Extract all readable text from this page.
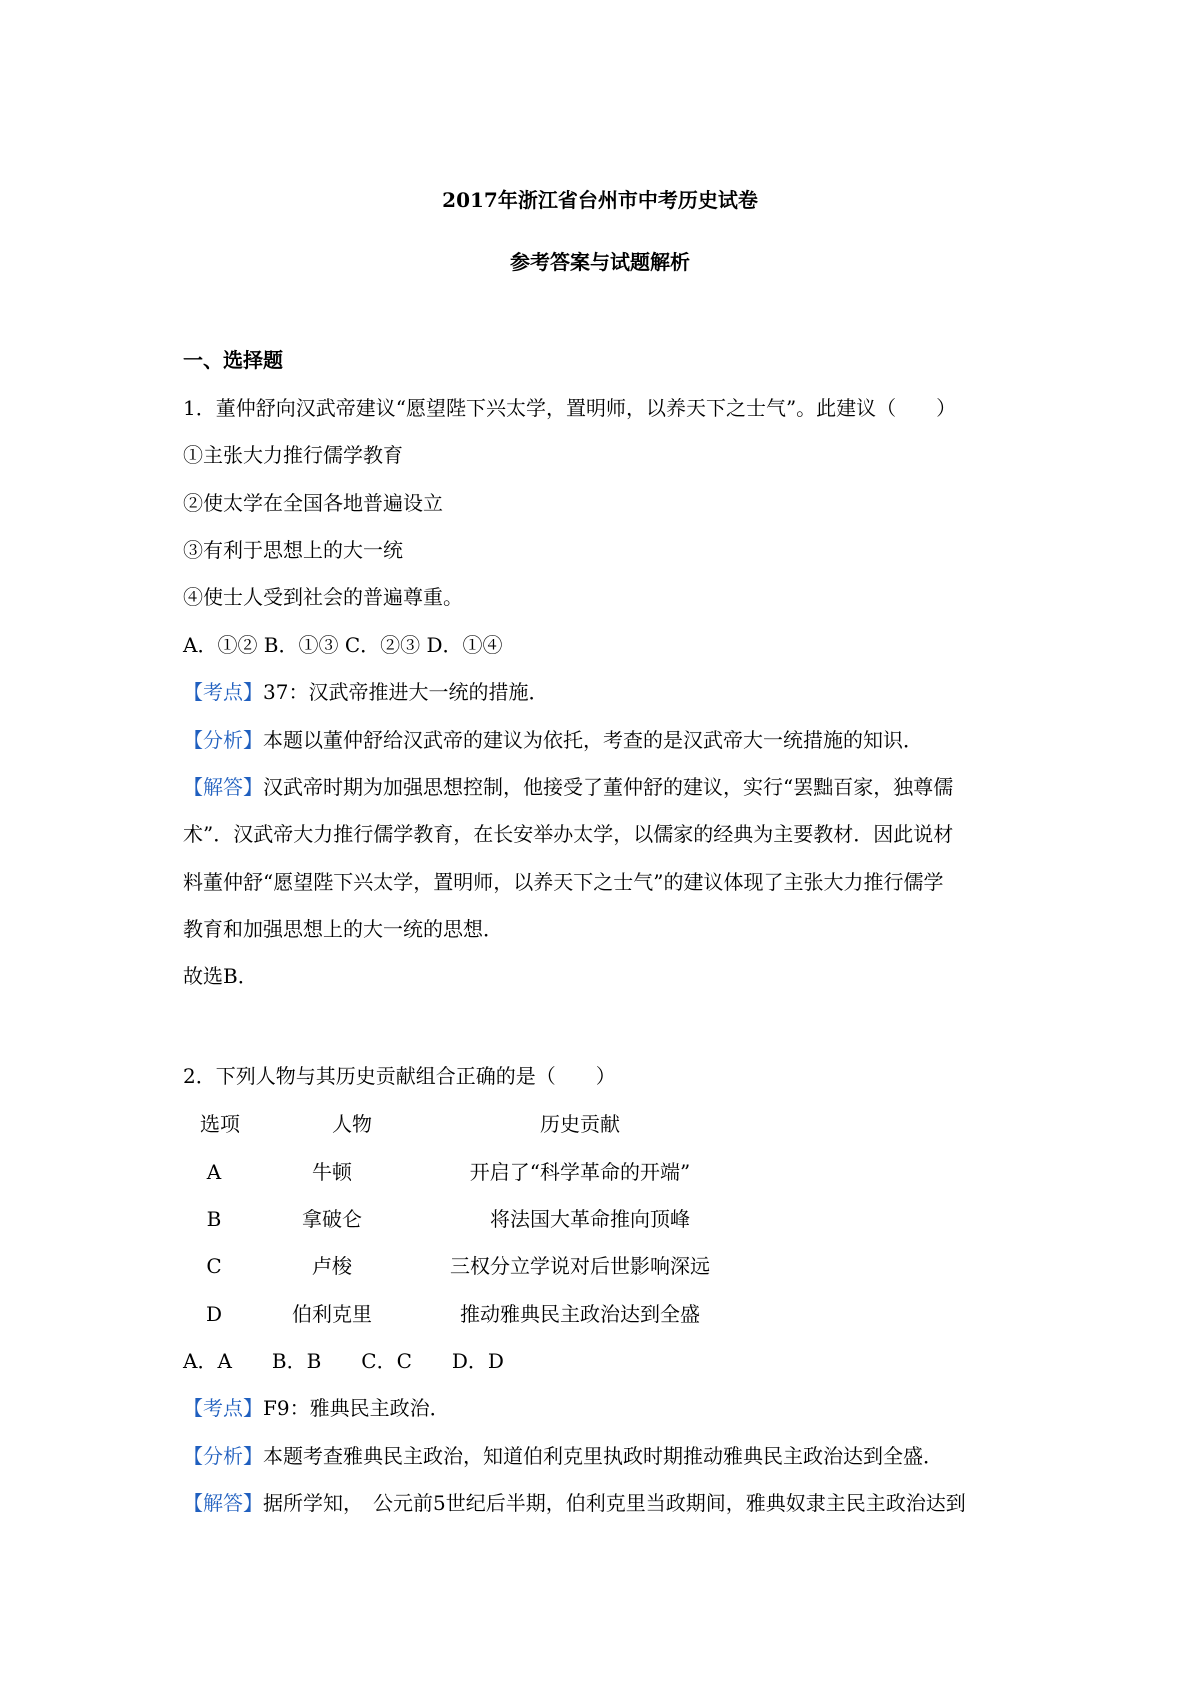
2017年浙江省台州市中考历史试卷
参考答案与试题解析
一、选择题
1．董仲舒向汉武帝建议“愿望陛下兴太学，置明师，以养天下之士气”。此建议（　　）
①主张大力推行儒学教育
②使太学在全国各地普遍设立
③有利于思想上的大一统
④使士人受到社会的普遍尊重。
A．①② B．①③ C．②③ D．①④
【考点】37：汉武帝推进大一统的措施．
【分析】本题以董仲舒给汉武帝的建议为依托，考查的是汉武帝大一统措施的知识．
【解答】汉武帝时期为加强思想控制，他接受了董仲舒的建议，实行“罢黜百家，独尊儒
术”．汉武帝大力推行儒学教育，在长安举办太学，以儒家的经典为主要教材．因此说材
料董仲舒“愿望陛下兴太学，置明师，以养天下之士气”的建议体现了主张大力推行儒学
教育和加强思想上的大一统的思想．
故选B．
2．下列人物与其历史贡献组合正确的是（　　）
选项	人物	历史贡献
A	牛顿	开启了“科学革命的开端”
B	拿破仑	将法国大革命推向顶峰
C	卢梭	三权分立学说对后世影响深远
D	伯利克里	推动雅典民主政治达到全盛
A．A　　B．B　　C．C　　D．D
【考点】F9：雅典民主政治．
【分析】本题考查雅典民主政治，知道伯利克里执政时期推动雅典民主政治达到全盛．
【解答】据所学知，　公元前5世纪后半期，伯利克里当政期间，雅典奴隶主民主政治达到
